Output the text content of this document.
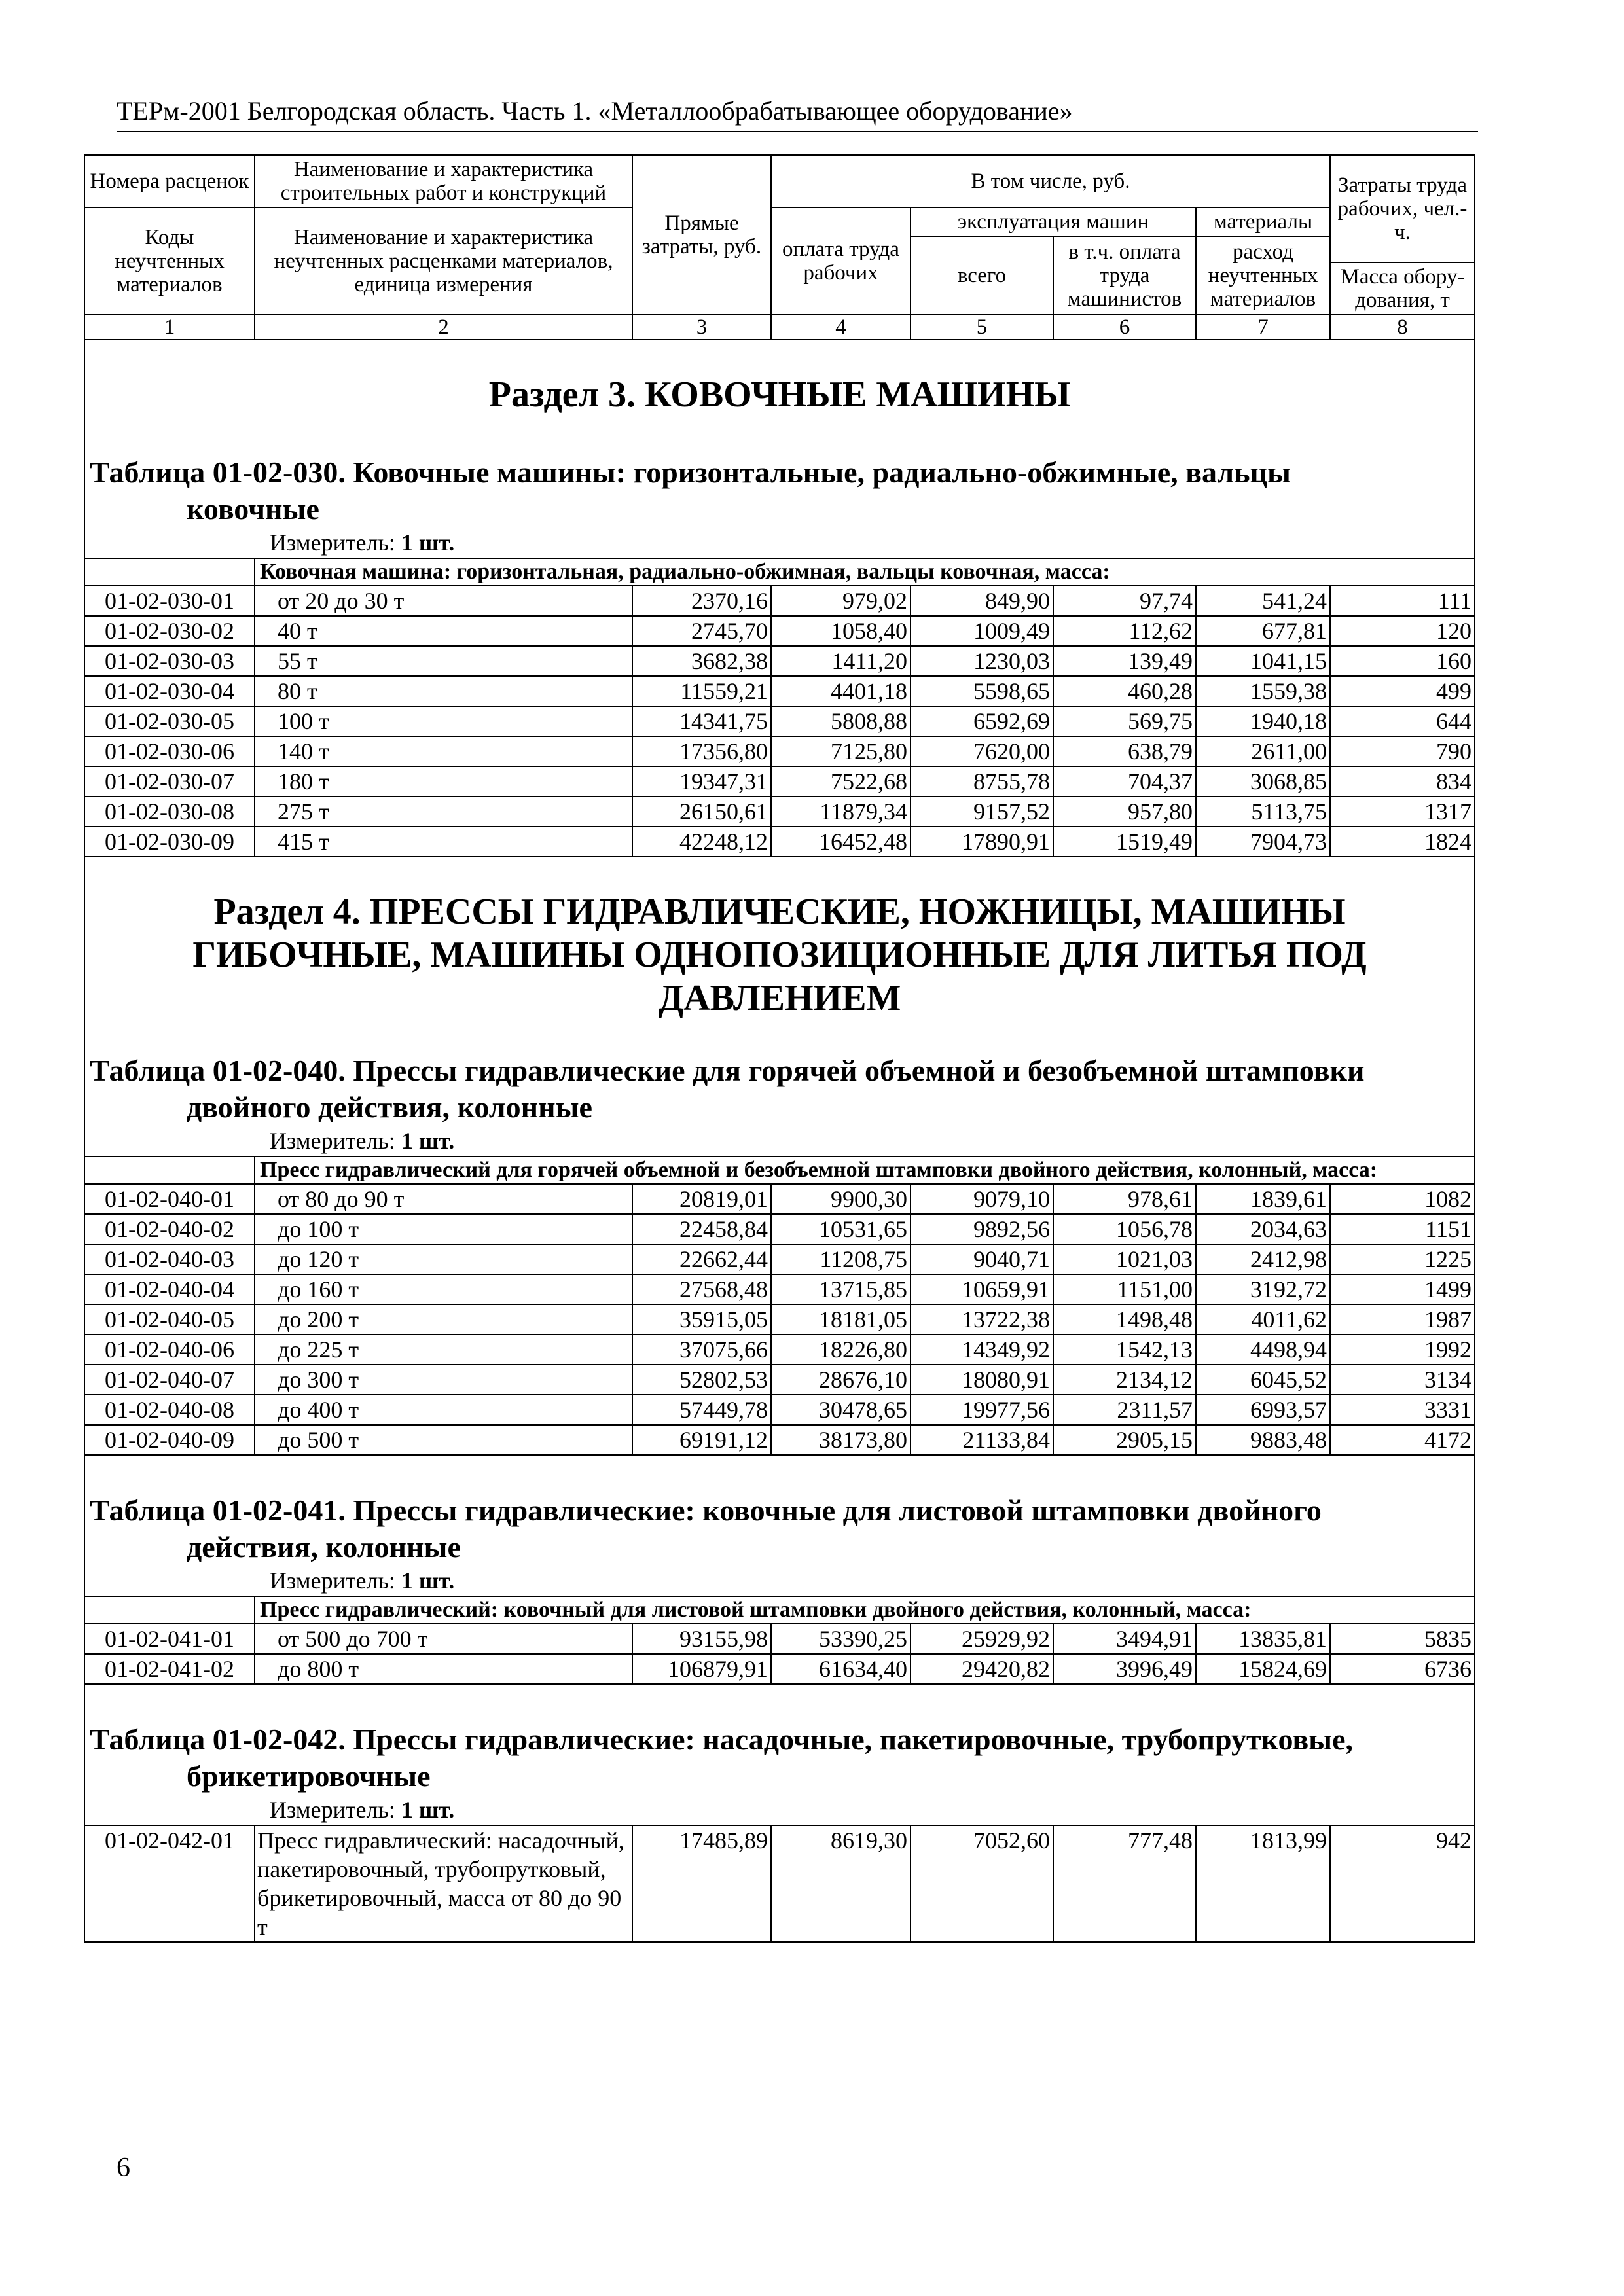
ТЕРм-2001 Белгородская область. Часть 1. «Металлообрабатывающее оборудование»
Номера расценок	Наименование и характеристика строительных работ и конструкций	Прямые затраты, руб.	В том числе, руб.				Затраты труда рабочих, чел.-ч.
Коды неучтенных материалов	Наименование и характеристика неучтенных расценками материалов, единица измерения		оплата труда рабочих	эксплуатация машин		материалы	
				всего	в т.ч. оплата труда машинистов	расход неучтенных материалов	
							Масса обору-дования, т
1	2	3	4	5	6	7	8

Раздел 3. КОВОЧНЫЕ МАШИНЫ							

Таблица 01-02-030. Ковочные машины: горизонтальные, радиально-обжимные, вальцы ковочные
Измеритель: 1 шт.							

	Ковочная машина: горизонтальная, радиально-обжимная, вальцы ковочная, масса:						
01-02-030-01	от 20 до 30 т	2370,16	979,02	849,90	97,74	541,24	111
01-02-030-02	40 т	2745,70	1058,40	1009,49	112,62	677,81	120
01-02-030-03	55 т	3682,38	1411,20	1230,03	139,49	1041,15	160
01-02-030-04	80 т	11559,21	4401,18	5598,65	460,28	1559,38	499
01-02-030-05	100 т	14341,75	5808,88	6592,69	569,75	1940,18	644
01-02-030-06	140 т	17356,80	7125,80	7620,00	638,79	2611,00	790
01-02-030-07	180 т	19347,31	7522,68	8755,78	704,37	3068,85	834
01-02-030-08	275 т	26150,61	11879,34	9157,52	957,80	5113,75	1317
01-02-030-09	415 т	42248,12	16452,48	17890,91	1519,49	7904,73	1824

Раздел 4. ПРЕССЫ ГИДРАВЛИЧЕСКИЕ, НОЖНИЦЫ, МАШИНЫ ГИБОЧНЫЕ, МАШИНЫ ОДНОПОЗИЦИОННЫЕ ДЛЯ ЛИТЬЯ ПОД ДАВЛЕНИЕМ							

Таблица 01-02-040. Прессы гидравлические для горячей объемной и безобъемной штамповки двойного действия, колонные
Измеритель: 1 шт.							

	Пресс гидравлический для горячей объемной и безобъемной штамповки двойного действия, колонный, масса:						
01-02-040-01	от 80 до 90 т	20819,01	9900,30	9079,10	978,61	1839,61	1082
01-02-040-02	до 100 т	22458,84	10531,65	9892,56	1056,78	2034,63	1151
01-02-040-03	до 120 т	22662,44	11208,75	9040,71	1021,03	2412,98	1225
01-02-040-04	до 160 т	27568,48	13715,85	10659,91	1151,00	3192,72	1499
01-02-040-05	до 200 т	35915,05	18181,05	13722,38	1498,48	4011,62	1987
01-02-040-06	до 225 т	37075,66	18226,80	14349,92	1542,13	4498,94	1992
01-02-040-07	до 300 т	52802,53	28676,10	18080,91	2134,12	6045,52	3134
01-02-040-08	до 400 т	57449,78	30478,65	19977,56	2311,57	6993,57	3331
01-02-040-09	до 500 т	69191,12	38173,80	21133,84	2905,15	9883,48	4172

Таблица 01-02-041. Прессы гидравлические: ковочные для листовой штамповки двойного действия, колонные
Измеритель: 1 шт.							

	Пресс гидравлический: ковочный для листовой штамповки двойного действия, колонный, масса:						
01-02-041-01	от 500 до 700 т	93155,98	53390,25	25929,92	3494,91	13835,81	5835
01-02-041-02	до 800 т	106879,91	61634,40	29420,82	3996,49	15824,69	6736

Таблица 01-02-042. Прессы гидравлические: насадочные, пакетировочные, трубопрутковые, брикетировочные
Измеритель: 1 шт.							

01-02-042-01	Пресс гидравлический: насадочный, пакетировочный, трубопрутковый, брикетировочный, масса от 80 до 90 т	17485,89	8619,30	7052,60	777,48	1813,99	942
6
